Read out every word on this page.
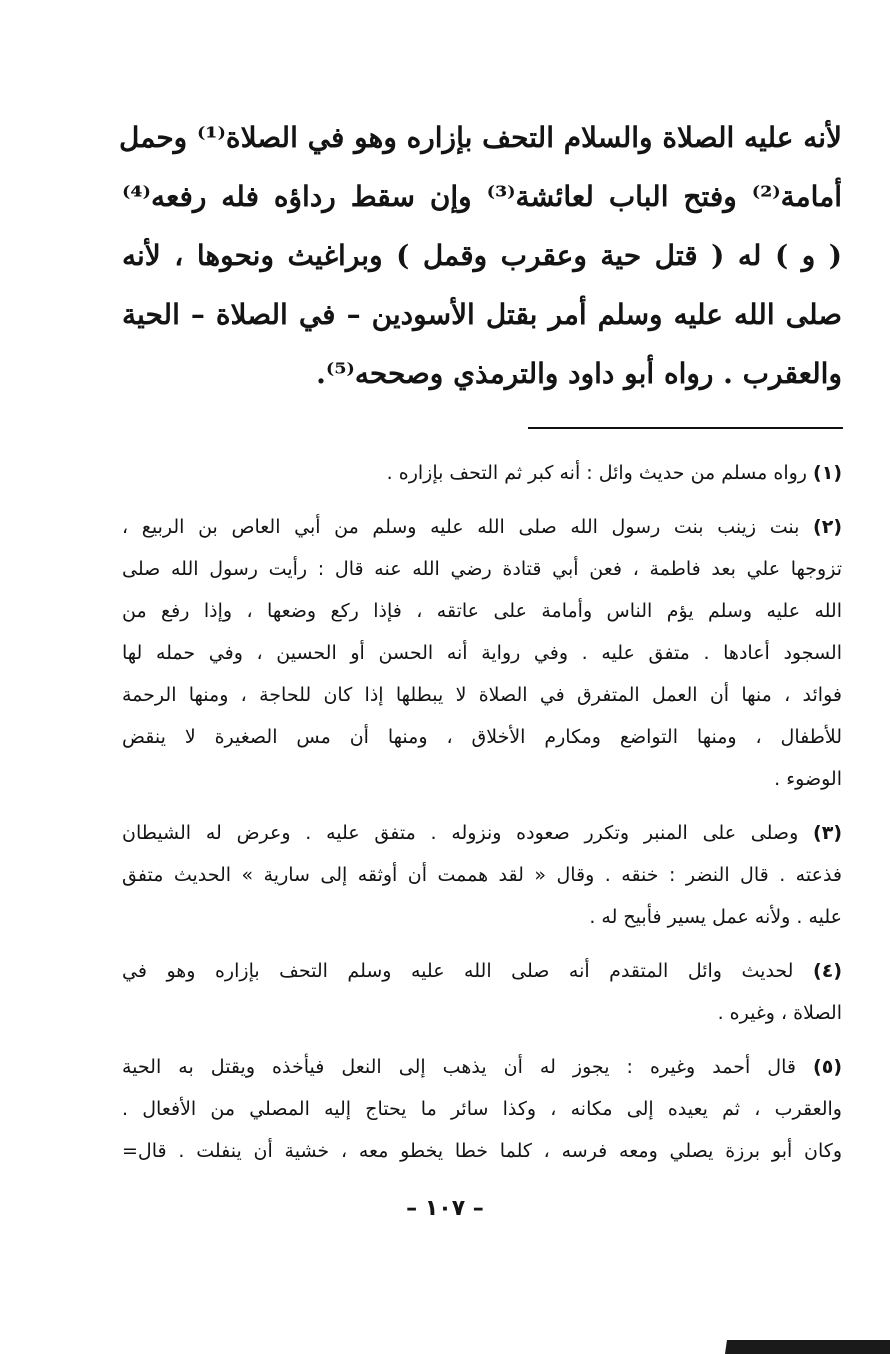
لأنه عليه الصلاة والسلام التحف بإزاره وهو في الصلاة⁽¹⁾ وحمل
أمامة⁽²⁾ وفتح الباب لعائشة⁽³⁾ وإن سقط رداؤه فله رفعه⁽⁴⁾
( و ) له ( قتل حية وعقرب وقمل ) وبراغيث ونحوها ، لأنه
صلى الله عليه وسلم أمر بقتل الأسودين – في الصلاة – الحية
والعقرب . رواه أبو داود والترمذي وصححه⁽⁵⁾.
(١) رواه مسلم من حديث وائل : أنه كبر ثم التحف بإزاره .
(٢) بنت زينب بنت رسول الله صلى الله عليه وسلم من أبي العاص بن الربيع ،
تزوجها علي بعد فاطمة ، فعن أبي قتادة رضي الله عنه قال : رأيت رسول الله صلى
الله عليه وسلم يؤم الناس وأمامة على عاتقه ، فإذا ركع وضعها ، وإذا رفع من
السجود أعادها . متفق عليه . وفي رواية أنه الحسن أو الحسين ، وفي حمله لها
فوائد ، منها أن العمل المتفرق في الصلاة لا يبطلها إذا كان للحاجة ، ومنها الرحمة
للأطفال ، ومنها التواضع ومكارم الأخلاق ، ومنها أن مس الصغيرة لا ينقض
الوضوء .
(٣) وصلى على المنبر وتكرر صعوده ونزوله . متفق عليه . وعرض له الشيطان
فذعته . قال النضر : خنقه . وقال « لقد هممت أن أوثقه إلى سارية » الحديث متفق
عليه . ولأنه عمل يسير فأبيح له .
(٤) لحديث وائل المتقدم أنه صلى الله عليه وسلم التحف بإزاره وهو في
الصلاة ، وغيره .
(٥) قال أحمد وغيره : يجوز له أن يذهب إلى النعل فيأخذه ويقتل به الحية
والعقرب ، ثم يعيده إلى مكانه ، وكذا سائر ما يحتاج إليه المصلي من الأفعال .
وكان أبو برزة يصلي ومعه فرسه ، كلما خطا يخطو معه ، خشية أن ينفلت . قال=
– ١٠٧ –
